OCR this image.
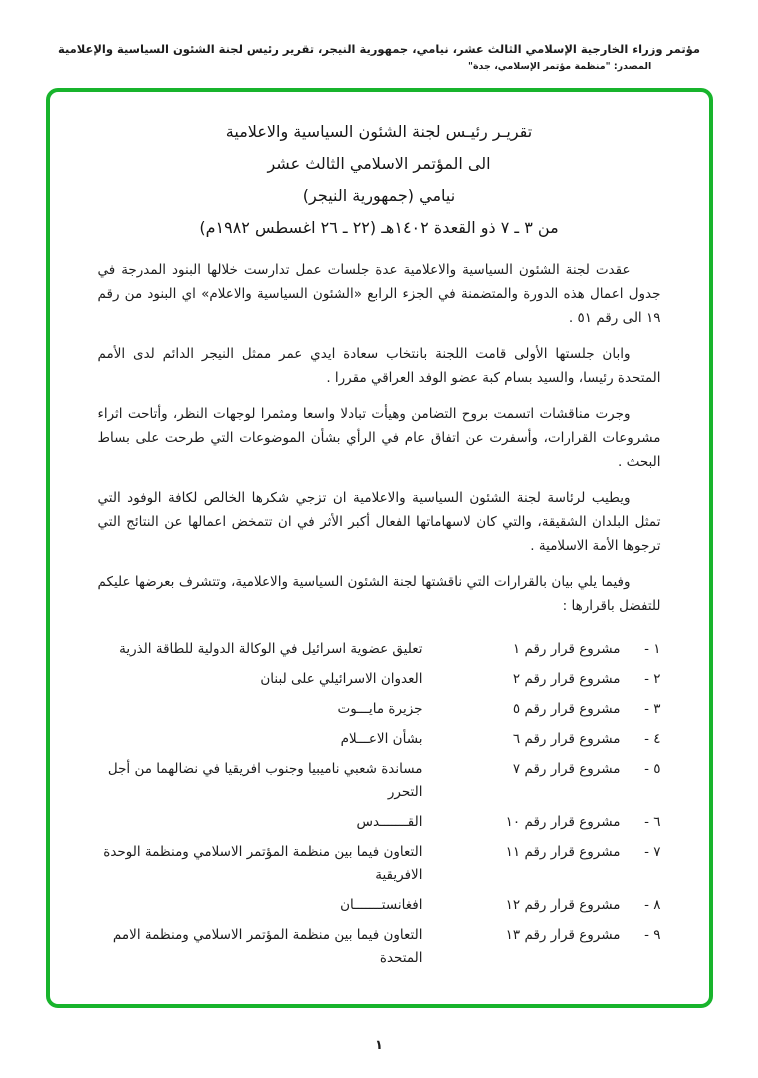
مؤتمر وزراء الخارجية الإسلامي الثالث عشر، نيامي، جمهورية النيجر، تقرير رئيس لجنة الشئون السياسية والإعلامية
المصدر: "منظمة مؤتمر الإسلامي، جدة"
تقريـر رئيـس لجنة الشئون السياسية والاعلامية
الى المؤتمر الاسلامي الثالث عشر
نيامي (جمهورية النيجر)
من ٣ ـ ٧ ذو القعدة ١٤٠٢هـ (٢٢ ـ ٢٦ اغسطس ١٩٨٢م)

عقدت لجنة الشئون السياسية والاعلامية عدة جلسات عمل تدارست خلالها البنود المدرجة في جدول اعمال هذه الدورة والمتضمنة في الجزء الرابع «الشئون السياسية والاعلام» اي البنود من رقم ١٩ الى رقم ٥١ .

وابان جلستها الأولى قامت اللجنة بانتخاب سعادة ايدي عمر ممثل النيجر الدائم لدى الأمم المتحدة رئيسا، والسيد بسام كبة عضو الوفد العراقي مقررا .

وجرت مناقشات اتسمت بروح التضامن وهيأت تبادلا واسعا ومثمرا لوجهات النظر، وأتاحت اثراء مشروعات القرارات، وأسفرت عن اتفاق عام في الرأي بشأن الموضوعات التي طرحت على بساط البحث .

ويطيب لرئاسة لجنة الشئون السياسية والاعلامية ان تزجي شكرها الخالص لكافة الوفود التي تمثل البلدان الشقيقة، والتي كان لاسهاماتها الفعال أكبر الأثر في ان تتمخض اعمالها عن النتائج التي ترجوها الأمة الاسلامية .

وفيما يلي بيان بالقرارات التي ناقشتها لجنة الشئون السياسية والاعلامية، وتتشرف بعرضها عليكم للتفضل باقرارها :

١ -
مشروع قرار رقم ١
تعليق عضوية اسرائيل في الوكالة الدولية للطاقة الذرية
٢ -
مشروع قرار رقم ٢
العدوان الاسرائيلي على لبنان
٣ -
مشروع قرار رقم ٥
جزيرة مايـــوت
٤ -
مشروع قرار رقم ٦
بشأن الاعـــلام
٥ -
مشروع قرار رقم ٧
مساندة شعبي ناميبيا وجنوب افريقيا في نضالهما من أجل التحرر
٦ -
مشروع قرار رقم ١٠
القـــــــدس
٧ -
مشروع قرار رقم ١١
التعاون فيما بين منظمة المؤتمر الاسلامي ومنظمة الوحدة الافريقية
٨ -
مشروع قرار رقم ١٢
افغانستـــــــان
٩ -
مشروع قرار رقم ١٣
التعاون فيما بين منظمة المؤتمر الاسلامي ومنظمة الامم المتحدة
١
